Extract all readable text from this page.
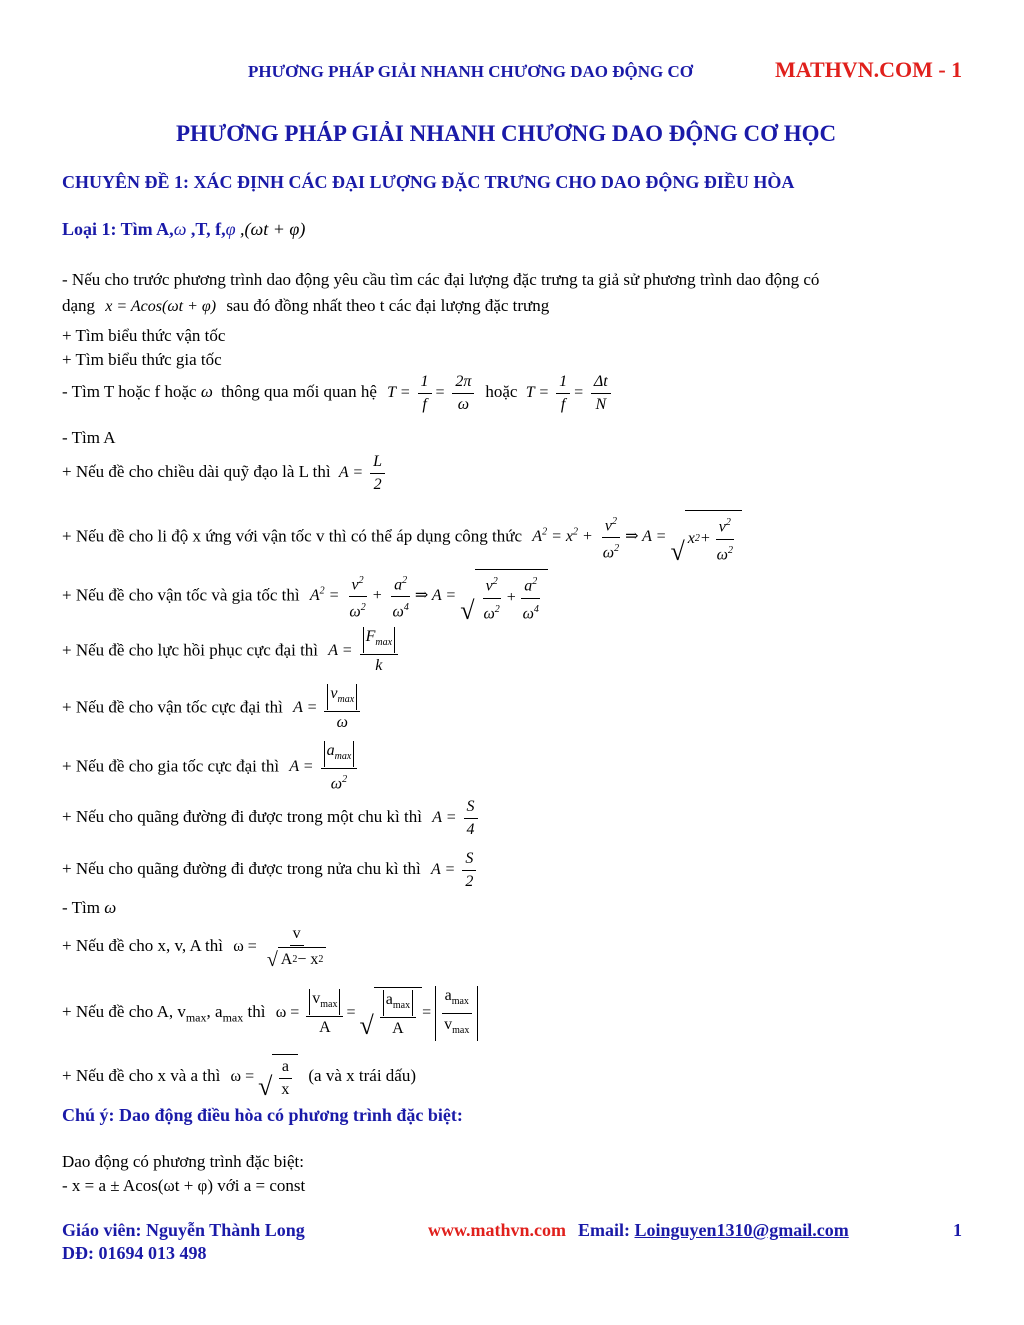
PHƯƠNG PHÁP GIẢI NHANH CHƯƠNG DAO ĐỘNG CƠ	MATHVN.COM - 1
PHƯƠNG PHÁP GIẢI NHANH CHƯƠNG DAO ĐỘNG CƠ HỌC
CHUYÊN ĐỀ 1: XÁC ĐỊNH CÁC ĐẠI LƯỢNG ĐẶC TRƯNG CHO DAO ĐỘNG ĐIỀU HÒA
Loại 1: Tìm A,ω ,T, f,φ ,(ωt + φ)
- Nếu cho trước phương trình dao động yêu cầu tìm các đại lượng đặc trưng ta giả sử phương trình dao động có
dạng x = Acos(ωt + φ) sau đó đồng nhất theo t các đại lượng đặc trưng
+ Tìm biểu thức vận tốc
+ Tìm biểu thức gia tốc
- Tìm T hoặc f hoặc ω thông qua mối quan hệ $T = \frac{1}{f} = \frac{2\pi}{\omega}$ hoặc $T = \frac{1}{f} = \frac{\Delta t}{N}$
- Tìm A
+ Nếu đề cho chiều dài quỹ đạo là L thì $A = \frac{L}{2}$
+ Nếu đề cho li độ x ứng với vận tốc v thì có thể áp dụng công thức $A^2 = x^2 + \frac{v^2}{\omega^2}$ ⇒ A =
√ x $2 + \frac{v^2}{\omega^2}$
+ Nếu đề cho vận tốc và gia tốc thì $A^2 = \frac{v^2}{\omega^2} + \frac{a^2}{\omega^4}$ ⇒ A =
√ $\frac{v^2}{\omega^2} + \frac{a^2}{\omega^4}$
+ Nếu đề cho lực hồi phục cực đại thì $A = \frac{F_{max}}{k}$
+ Nếu đề cho vận tốc cực đại thì $A = \frac{v_{max}}{\omega}$
+ Nếu đề cho gia tốc cực đại thì $A = \frac{a_{max}}{\omega^2}$
+ Nếu cho quãng đường đi được trong một chu kì thì $A = \frac{S}{4}$
+ Nếu cho quãng đường đi được trong nửa chu kì thì $A = \frac{S}{2}$
- Tìm ω
+ Nếu đề cho x, v, A thì $\omega = \frac{v}{√ A 2 - x 2}$
+ Nếu đề cho A, $v_{max}$, $a_{max}$ thì $\omega = \frac{v_{max}}{A}$ = √ $\frac{a_{max}}{A} = \frac{a_{max}}{v_{max}}$
+ Nếu đề cho x và a thì ω = √ $\frac{a}{x} (a$ và x trái dấu)
Chú ý: Dao động điều hòa có phương trình đặc biệt:
Dao động có phương trình đặc biệt:
- x = a ± Acos(ωt + φ) với a = const
Giáo viên: Nguyễn Thành Long
DĐ: 01694 013 498
www.mathvn.com Email: Loinguyen1310@gmail.com	1
